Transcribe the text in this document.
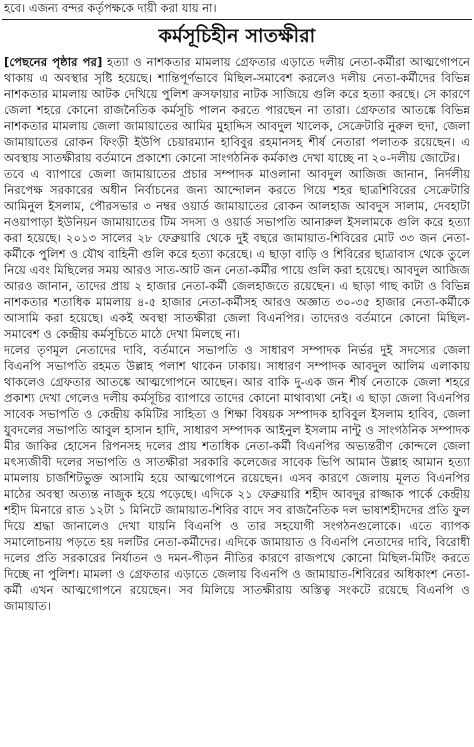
হবে। এজন্য বন্দর কর্তৃপক্ষকে দায়ী করা যায় না।
কর্মসূচিহীন সাতক্ষীরা

[পেছনের পৃষ্ঠার পর] হত্যা ও নাশকতার মামলায় গ্রেফতার এড়াতে দলীয় নেতা-কর্মীরা আত্মগোপনে থাকায় এ অবস্থার সৃষ্টি হয়েছে। শান্তিপূর্ণভাবে মিছিল-সমাবেশ করলেও দলীয় নেতা-কর্মীদের বিভিন্ন নাশকতার মামলায় আটক দেখিয়ে পুলিশ ক্রসফায়ার নাটক সাজিয়ে গুলি করে হত্যা করছে। সে কারণে জেলা শহরে কোনো রাজনৈতিক কর্মসূচি পালন করতে পারছেন না তারা। গ্রেফতার আতঙ্কে বিভিন্ন নাশকতার মামলায় জেলা জামায়াতের আমির মুহাদ্দিস আবদুল খালেক, সেক্রেটারি নুরুল হুদা, জেলা জামায়াতের রোকন ফিংড়ী ইউপি চেয়ারম্যান হাবিবুর রহমানসহ শীর্ষ নেতারা পলাতক রয়েছেন। এ অবস্থায় সাতক্ষীরায় বর্তমানে প্রকাশ্যে কোনো সাংগঠনিক কর্মকাণ্ড দেখা যাচ্ছে না ২০-দলীয় জোটের।

তবে এ ব্যাপারে জেলা জামায়াতের প্রচার সম্পাদক মাওলানা আবদুল আজিজ জানান, নির্দলীয় নিরপেক্ষ সরকারের অধীন নির্বাচনের জন্য আন্দোলন করতে গিয়ে শহর ছাত্রশিবিরের সেক্রেটারি আমিনুল ইসলাম, পৌরসভার ৩ নম্বর ওয়ার্ড জামায়াতের রোকন আলহাজ আবদুস সালাম, দেবহাটা নওয়াপাড়া ইউনিয়ন জামায়াতের টিম সদস্য ও ওয়ার্ড সভাপতি আনারুল ইসলামকে গুলি করে হত্যা করা হয়েছে। ২০১৩ সালের ২৮ ফেব্রুয়ারি থেকে দুই বছরে জামায়াত-শিবিরের মোট ৩৩ জন নেতা-কর্মীকে পুলিশ ও যৌথ বাহিনী গুলি করে হত্যা করেছে। এ ছাড়া বাড়ি ও শিবিরের ছাত্রাবাস থেকে তুলে নিয়ে এবং মিছিলের সময় আরও সাত-আট জন নেতা-কর্মীর পায়ে গুলি করা হয়েছে। আবদুল আজিজ আরও জানান, তাদের প্রায় ২ হাজার নেতা-কর্মী জেলহাজতে রয়েছেন। এ ছাড়া গাছ কাটা ও বিভিন্ন নাশকতার শতাধিক মামলায় ৪-৫ হাজার নেতা-কর্মীসহ আরও অজ্ঞাত ৩০-৩৫ হাজার নেতা-কর্মীকে আসামি করা হয়েছে। একই অবস্থা সাতক্ষীরা জেলা বিএনপির। তাদেরও বর্তমানে কোনো মিছিল-সমাবেশ ও কেন্দ্রীয় কর্মসূচিতে মাঠে দেখা মিলছে না।

দলের তৃণমূল নেতাদের দাবি, বর্তমানে সভাপতি ও সাধারণ সম্পাদক নির্ভর দুই সদস্যের জেলা বিএনপি সভাপতি রহমত উল্লাহ পলাশ থাকেন ঢাকায়। সাধারণ সম্পাদক আবদুল আলিম এলাকায় থাকলেও গ্রেফতার আতঙ্কে আত্মগোপনে আছেন। আর বাকি দু-এক জন শীর্ষ নেতাকে জেলা শহরে প্রকাশ্য দেখা গেলেও দলীয় কর্মসূচির ব্যাপারে তাদের কোনো মাথাব্যথা নেই। এ ছাড়া জেলা বিএনপির সাবেক সভাপতি ও কেন্দ্রীয় কমিটির সাহিত্য ও শিক্ষা বিষয়ক সম্পাদক হাবিবুল ইসলাম হাবিব, জেলা যুবদলের সভাপতি আবুল হাসান হাদি, সাধারণ সম্পাদক আইনুল ইসলাম নান্টু ও সাংগঠনিক সম্পাদক মীর জাকির হোসেন রিপনসহ দলের প্রায় শতাধিক নেতা-কর্মী বিএনপির অভ্যন্তরীণ কোন্দলে জেলা মৎস্যজীবী দলের সভাপতি ও সাতক্ষীরা সরকারি কলেজের সাবেক ভিপি আমান উল্লাহ আমান হত্যা মামলায় চার্জশিটভুক্ত আসামি হয়ে আত্মগোপনে রয়েছেন। এসব কারণে জেলায় মূলত বিএনপির মাঠের অবস্থা অত্যন্ত নাজুক হয়ে পড়েছে। এদিকে ২১ ফেব্রুয়ারি শহীদ আবদুর রাজ্জাক পার্কে কেন্দ্রীয় শহীদ মিনারে রাত ১২টা ১ মিনিটে জামায়াত-শিবির বাদে সব রাজনৈতিক দল ভাষাশহীদদের প্রতি ফুল দিয়ে শ্রদ্ধা জানালেও দেখা যায়নি বিএনপি ও তার সহযোগী সংগঠনগুলোকে। এতে ব্যাপক সমালোচনায় পড়তে হয় দলটির নেতা-কর্মীদের। এদিকে জামায়াত ও বিএনপি নেতাদের দাবি, বিরোধী দলের প্রতি সরকারের নির্যাতন ও দমন-পীড়ন নীতির কারণে রাজপথে কোনো মিছিল-মিটিং করতে দিচ্ছে না পুলিশ। মামলা ও গ্রেফতার এড়াতে জেলায় বিএনপি ও জামায়াত-শিবিরের অধিকাংশ নেতা-কর্মী এখন আত্মগোপনে রয়েছেন। সব মিলিয়ে সাতক্ষীরায় অস্তিত্ব সংকটে রয়েছে বিএনপি ও জামায়াত।
